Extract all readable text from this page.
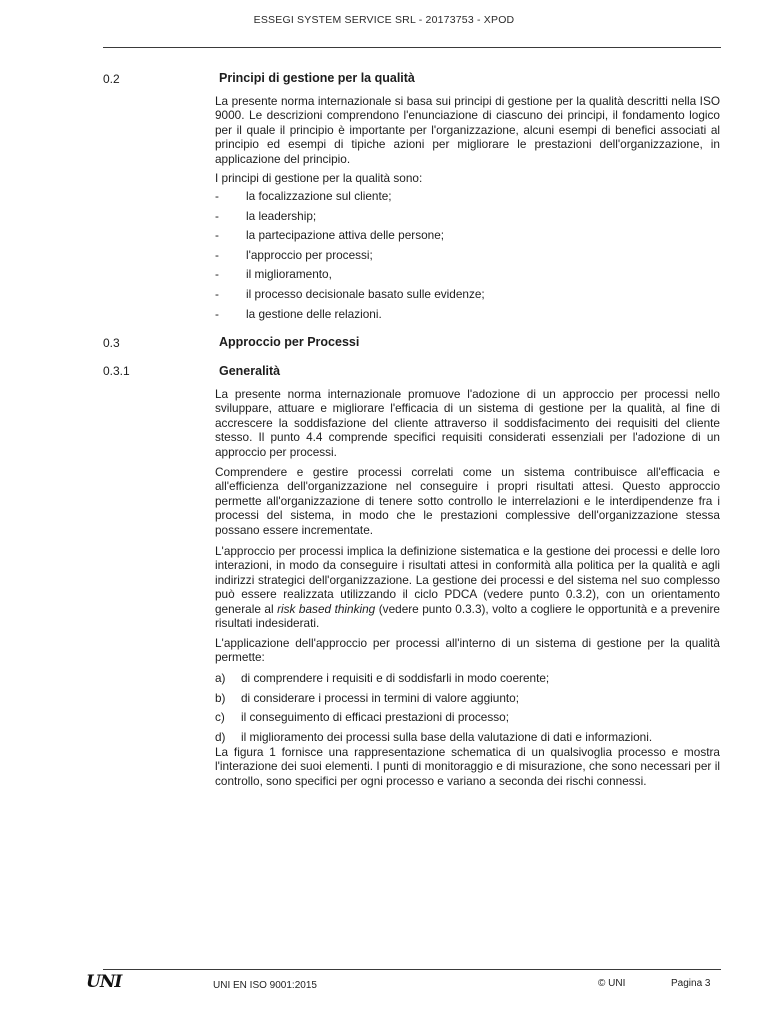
ESSEGI SYSTEM SERVICE SRL - 20173753 - XPOD
0.2	Principi di gestione per la qualità

La presente norma internazionale si basa sui principi di gestione per la qualità descritti nella ISO 9000. Le descrizioni comprendono l'enunciazione di ciascuno dei principi, il fondamento logico per il quale il principio è importante per l'organizzazione, alcuni esempi di benefici associati al principio ed esempi di tipiche azioni per migliorare le prestazioni dell'organizzazione, in applicazione del principio.

I principi di gestione per la qualità sono:

-	la focalizzazione sul cliente;
-	la leadership;
-	la partecipazione attiva delle persone;
-	l'approccio per processi;
-	il miglioramento,
-	il processo decisionale basato sulle evidenze;
-	la gestione delle relazioni.
0.3	Approccio per Processi
0.3.1	Generalità

La presente norma internazionale promuove l'adozione di un approccio per processi nello sviluppare, attuare e migliorare l'efficacia di un sistema di gestione per la qualità, al fine di accrescere la soddisfazione del cliente attraverso il soddisfacimento dei requisiti del cliente stesso. Il punto 4.4 comprende specifici requisiti considerati essenziali per l'adozione di un approccio per processi.

Comprendere e gestire processi correlati come un sistema contribuisce all'efficacia e all'efficienza dell'organizzazione nel conseguire i propri risultati attesi. Questo approccio permette all'organizzazione di tenere sotto controllo le interrelazioni e le interdipendenze fra i processi del sistema, in modo che le prestazioni complessive dell'organizzazione stessa possano essere incrementate.

L'approccio per processi implica la definizione sistematica e la gestione dei processi e delle loro interazioni, in modo da conseguire i risultati attesi in conformità alla politica per la qualità e agli indirizzi strategici dell'organizzazione. La gestione dei processi e del sistema nel suo complesso può essere realizzata utilizzando il ciclo PDCA (vedere punto 0.3.2), con un orientamento generale al risk based thinking (vedere punto 0.3.3), volto a cogliere le opportunità e a prevenire risultati indesiderati.

L'applicazione dell'approccio per processi all'interno di un sistema di gestione per la qualità permette:

a)	di comprendere i requisiti e di soddisfarli in modo coerente;
b)	di considerare i processi in termini di valore aggiunto;
c)	il conseguimento di efficaci prestazioni di processo;
d)	il miglioramento dei processi sulla base della valutazione di dati e informazioni.

La figura 1 fornisce una rappresentazione schematica di un qualsivoglia processo e mostra l'interazione dei suoi elementi. I punti di monitoraggio e di misurazione, che sono necessari per il controllo, sono specifici per ogni processo e variano a seconda dei rischi connessi.

UNI	UNI EN ISO 9001:2015	© UNI	Pagina 3
